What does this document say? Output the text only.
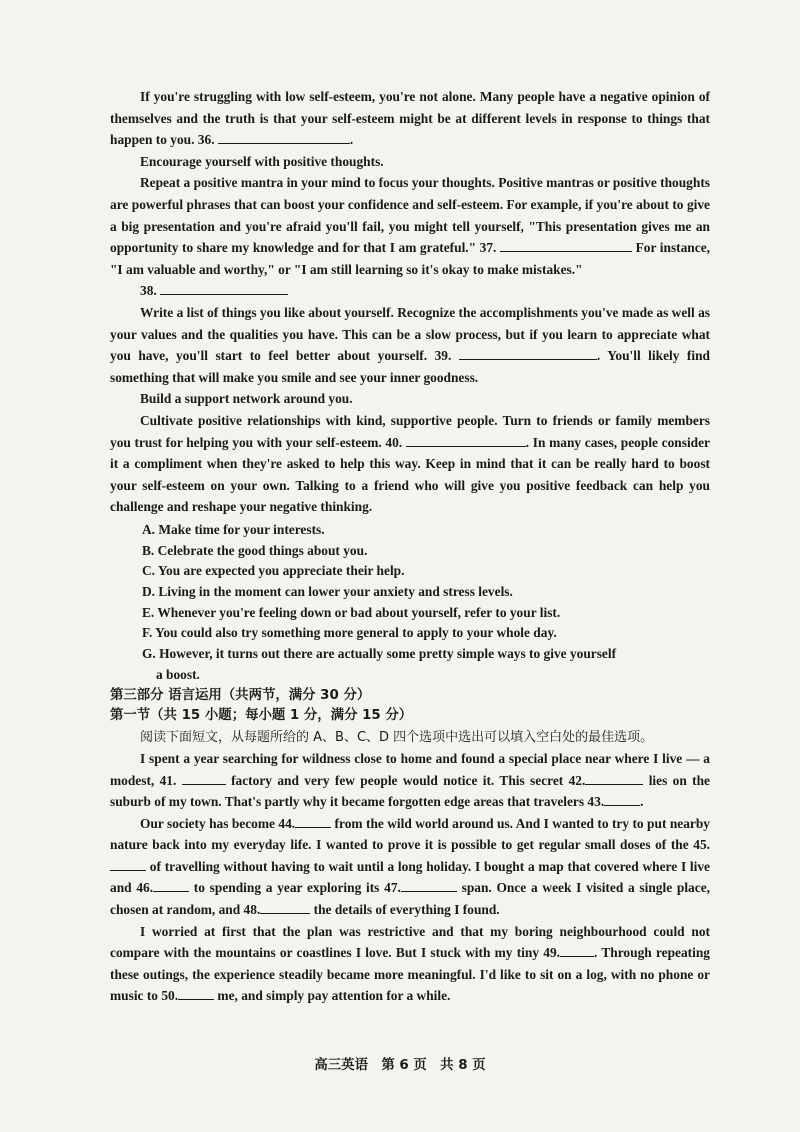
If you're struggling with low self-esteem, you're not alone. Many people have a negative opinion of themselves and the truth is that your self-esteem might be at different levels in response to things that happen to you. 36.	.

Encourage yourself with positive thoughts.

Repeat a positive mantra in your mind to focus your thoughts. Positive mantras or positive thoughts are powerful phrases that can boost your confidence and self-esteem. For example, if you're about to give a big presentation and you're afraid you'll fail, you might tell yourself, "This presentation gives me an opportunity to share my knowledge and for that I am grateful." 37.	For instance, "I am valuable and worthy," or "I am still learning so it's okay to make mistakes."

38.

Write a list of things you like about yourself. Recognize the accomplishments you've made as well as your values and the qualities you have. This can be a slow process, but if you learn to appreciate what you have, you'll start to feel better about yourself. 39.	. You'll likely find something that will make you smile and see your inner goodness.

Build a support network around you.

Cultivate positive relationships with kind, supportive people. Turn to friends or family members you trust for helping you with your self-esteem. 40.	. In many cases, people consider it a compliment when they're asked to help this way. Keep in mind that it can be really hard to boost your self-esteem on your own. Talking to a friend who will give you positive feedback can help you challenge and reshape your negative thinking.

A. Make time for your interests.
B. Celebrate the good things about you.
C. You are expected you appreciate their help.
D. Living in the moment can lower your anxiety and stress levels.
E. Whenever you're feeling down or bad about yourself, refer to your list.
F. You could also try something more general to apply to your whole day.
G. However, it turns out there are actually some pretty simple ways to give yourself
a boost.

第三部分 语言运用（共两节，满分 30 分）

第一节（共 15 小题；每小题 1 分，满分 15 分）

阅读下面短文，从每题所给的 A、B、C、D 四个选项中选出可以填入空白处的最佳选项。

I spent a year searching for wildness close to home and found a special place near where I live — a modest, 41.	factory and very few people would notice it. This secret 42.	lies on the suburb of my town. That's partly why it became forgotten edge areas that travelers 43.	.

Our society has become 44.	from the wild world around us. And I wanted to try to put nearby nature back into my everyday life. I wanted to prove it is possible to get regular small doses of the 45. of travelling without having to wait until a long holiday. I bought a map that covered where I live and 46.	to spending a year exploring its 47.	span. Once a week I visited a single place, chosen at random, and 48.	the details of everything I found.

I worried at first that the plan was restrictive and that my boring neighbourhood could not compare with the mountains or coastlines I love. But I stuck with my tiny 49.	. Through repeating these outings, the experience steadily became more meaningful. I'd like to sit on a log, with no phone or music to 50.	me, and simply pay attention for a while.

高三英语　第 6 页　共 8 页
